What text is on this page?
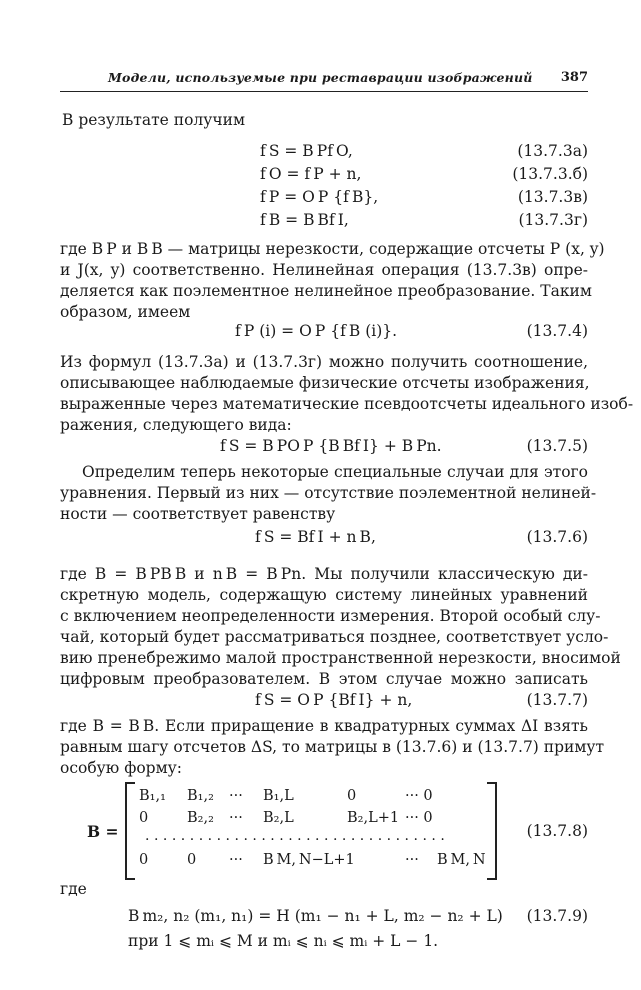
Модели, используемые при реставрации изображений 387
В результате получим
f S = B Pf O,	(13.7.3а)
f O = f P + n,	(13.7.3.б)
f P = O P {f B},	(13.7.3в)
f B = B Bf I,	(13.7.3г)
где B P и B B — матрицы нерезкости, содержащие отсчеты P (x, y)
и J(x, y) соответственно. Нелинейная операция (13.7.3в) опре-
деляется как поэлементное нелинейное преобразование. Таким
образом, имеем
f P (i) = O P {f B (i)}.	(13.7.4)
Из формул (13.7.3а) и (13.7.3г) можно получить соотношение,
описывающее наблюдаемые физические отсчеты изображения,
выраженные через математические псевдоотсчеты идеального изоб-
ражения, следующего вида:
f S = B PO P {B Bf I} + B Pn.	(13.7.5)
Определим теперь некоторые специальные случаи для этого
уравнения. Первый из них — отсутствие поэлементной нелиней-
ности — соответствует равенству
f S = Bf I + n B,	(13.7.6)
где B = B PB B и n B = B Pn. Мы получили классическую ди-
скретную модель, содержащую систему линейных уравнений
с включением неопределенности измерения. Второй особый слу-
чай, который будет рассматриваться позднее, соответствует усло-
вию пренебрежимо малой пространственной нерезкости, вносимой
цифровым преобразователем. В этом случае можно записать
f S = O P {Bf I} + n,	(13.7.7)
где B = B B. Если приращение в квадратурных суммах ΔI взять
равным шагу отсчетов ΔS, то матрицы в (13.7.6) и (13.7.7) примут
особую форму:
B =
B₁,₁ B₁,₂ ··· B₁,L	0	··· 0
0	B₂,₂ ··· B₂,L	B₂,L+1 ··· 0
..................................
0	0 ··· B M, N−L+1	··· B M, N
(13.7.8)
где
B m₂, n₂ (m₁, n₁) = H (m₁ − n₁ + L, m₂ − n₂ + L) (13.7.9)
при 1 ⩽ mᵢ ⩽ M и mᵢ ⩽ nᵢ ⩽ mᵢ + L − 1.
